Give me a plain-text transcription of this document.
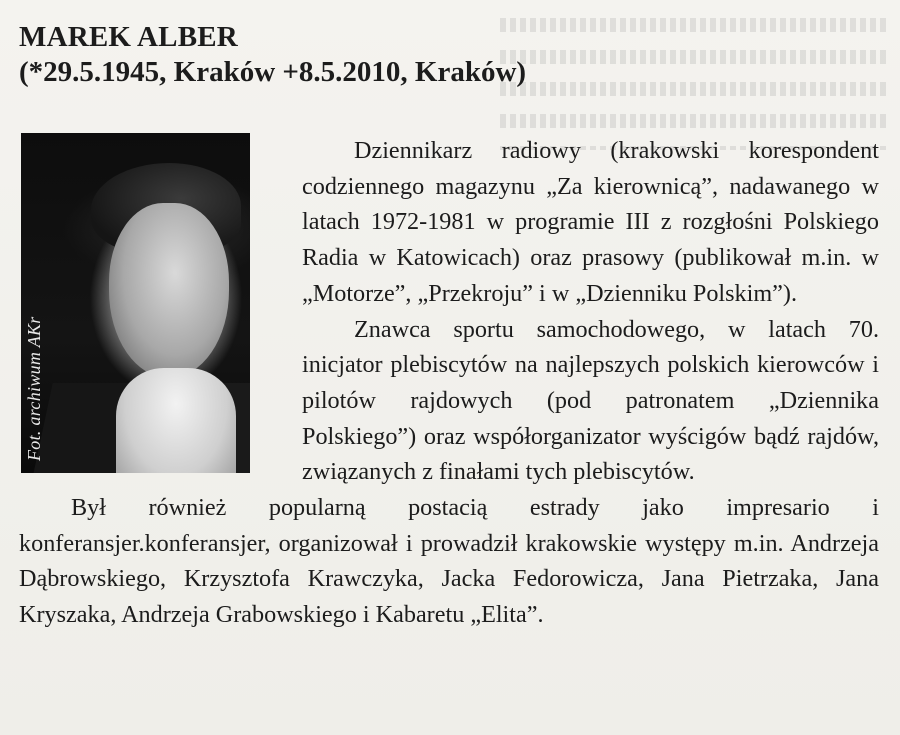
MAREK ALBER
(*29.5.1945, Kraków +8.5.2010, Kraków)

Dziennikarz radiowy (krakowski korespondent codziennego magazynu „Za kierownicą”, nadawanego w latach 1972-1981 w programie III z rozgłośni Polskiego Radia w Katowicach) oraz prasowy (publikował m.in. w „Motorze”, „Przekroju” i w „Dzienniku Polskim”).

Znawca sportu samochodowego, w latach 70. inicjator plebiscytów na najlepszych polskich kierowców i pilotów rajdowych (pod patronatem „Dziennika Polskiego”) oraz współorganizator wyścigów bądź rajdów, związanych z finałami tych plebiscytów.

Był również popularną postacią estrady jako impresario i konferansjer.konferansjer, organizował i prowadził krakowskie występy m.in. Andrzeja Dąbrowskiego, Krzysztofa Krawczyka, Jacka Fedorowicza, Jana Pietrzaka, Jana Kryszaka, Andrzeja Grabowskiego i Kabaretu „Elita”.

Fot. archiwum AKr
